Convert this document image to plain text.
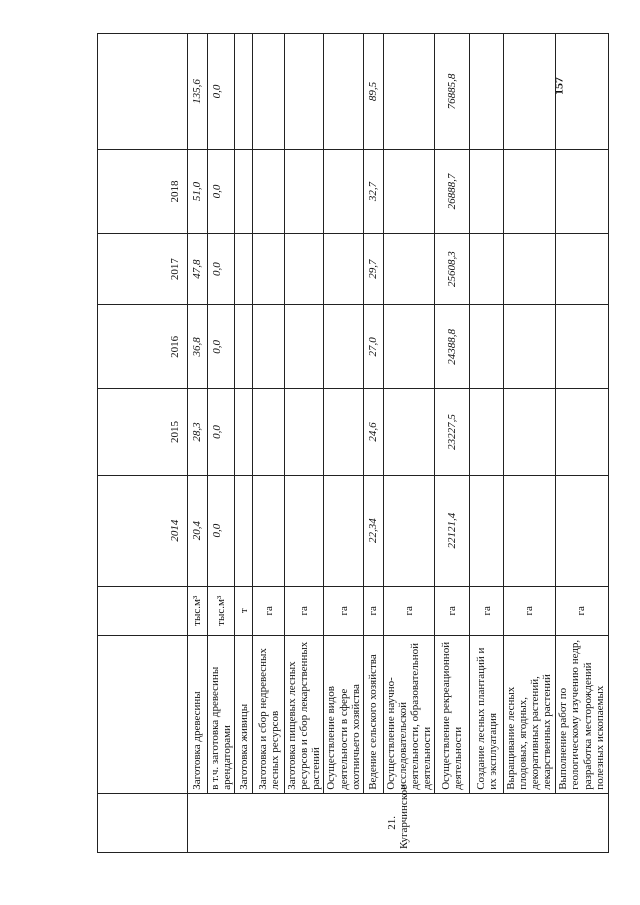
157
			2014	2015	2016	2017	2018	
21.
Кугарчинское	Заготовка древесины	тыс.м³	20,4	28,3	36,8	47,8	51,0	135,6
	в т.ч. заготовка древесины арендаторами	тыс.м³	0,0	0,0	0,0	0,0	0,0	0,0
	Заготовка живицы	т						
	Заготовка и сбор недревесных лесных ресурсов	га						
	Заготовка пищевых лесных ресурсов и сбор лекарственных растений	га						
	Осуществление видов деятельности в сфере охотничьего хозяйства	га						
	Ведение сельского хозяйства	га	22,34	24,6	27,0	29,7	32,7	89,5
	Осуществление научно-исследовательской деятельности, образовательной деятельности	га						
	Осуществление рекреационной деятельности	га	22121,4	23227,5	24388,8	25608,3	26888,7	76885,8
	Создание лесных плантаций и их эксплуатация	га						
	Выращивание лесных плодовых, ягодных, декоративных растений, лекарственных растений	га						
	Выполнение работ по геологическому изучению недр, разработка месторождений полезных ископаемых	га						
